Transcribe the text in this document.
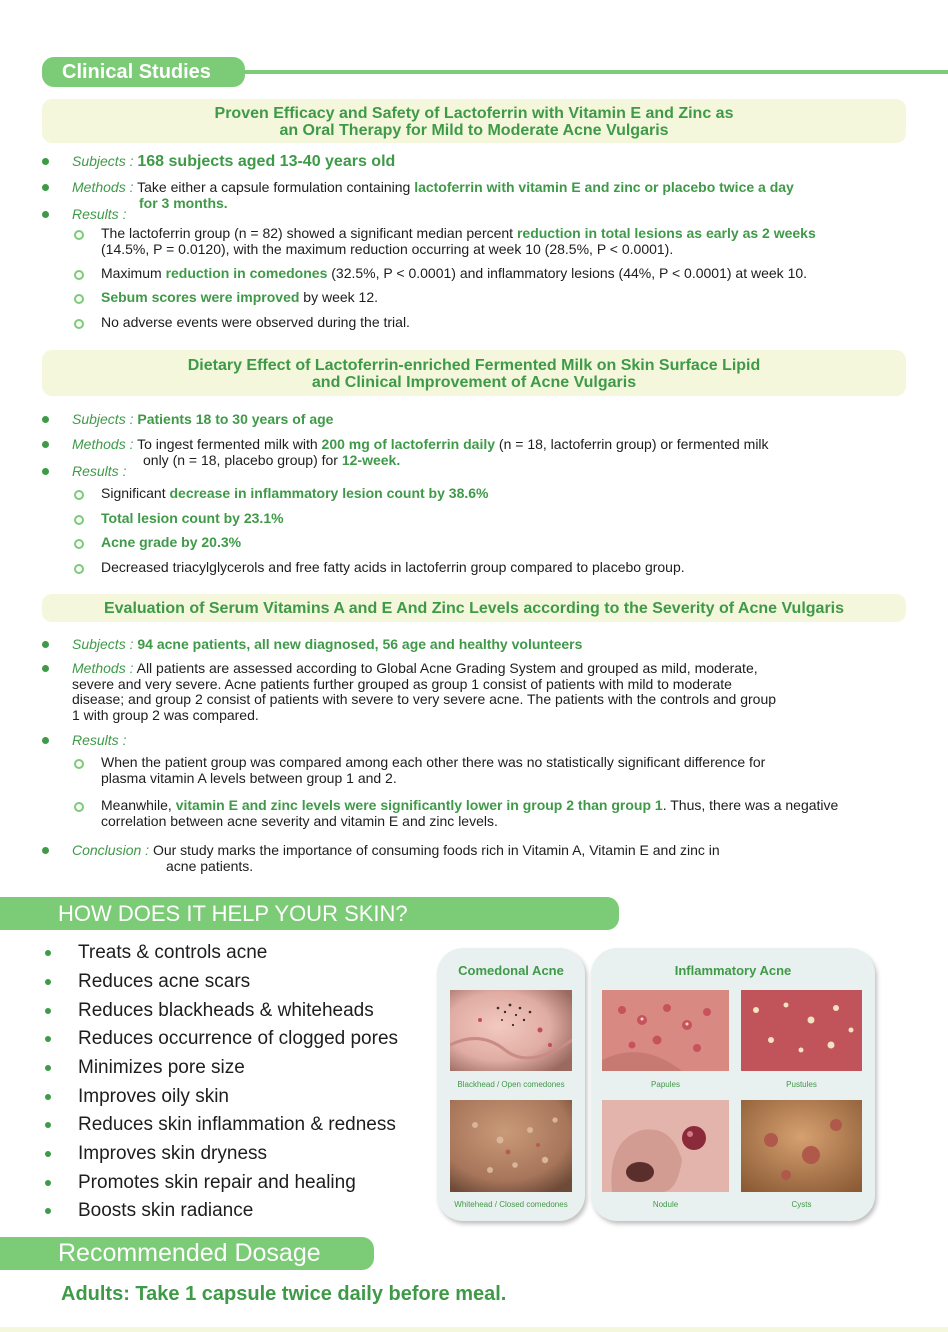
Clinical Studies
Proven Efficacy and Safety of Lactoferrin with Vitamin E and Zinc as
an Oral Therapy for Mild to Moderate Acne Vulgaris
Subjects : 168 subjects aged 13-40 years old
Methods : Take either a capsule formulation containing lactoferrin with vitamin E and zinc or placebo twice a day
for 3 months.
Results :
The lactoferrin group (n = 82) showed a significant median percent reduction in total lesions as early as 2 weeks
(14.5%, P = 0.0120), with the maximum reduction occurring at week 10 (28.5%, P < 0.0001).
Maximum reduction in comedones (32.5%, P < 0.0001) and inflammatory lesions (44%, P < 0.0001) at week 10.
Sebum scores were improved by week 12.
No adverse events were observed during the trial.
Dietary Effect of Lactoferrin-enriched Fermented Milk on Skin Surface Lipid
and Clinical Improvement of Acne Vulgaris
Subjects : Patients 18 to 30 years of age
Methods : To ingest fermented milk with 200 mg of lactoferrin daily (n = 18, lactoferrin group) or fermented milk
only (n = 18, placebo group) for 12-week.
Results :
Significant decrease in inflammatory lesion count by 38.6%
Total lesion count by 23.1%
Acne grade by 20.3%
Decreased triacylglycerols and free fatty acids in lactoferrin group compared to placebo group.
Evaluation of Serum Vitamins A and E And Zinc Levels according to the Severity of Acne Vulgaris
Subjects : 94 acne patients, all new diagnosed, 56 age and healthy volunteers
Methods : All patients are assessed according to Global Acne Grading System and grouped as mild, moderate,
severe and very severe. Acne patients further grouped as group 1 consist of patients with mild to moderate
disease; and group 2 consist of patients with severe to very severe acne. The patients with the controls and group
1 with group 2 was compared.
Results :
When the patient group was compared among each other there was no statistically significant difference for
plasma vitamin A levels between group 1 and 2.
Meanwhile, vitamin E and zinc levels were significantly lower in group 2 than group 1. Thus, there was a negative
correlation between acne severity and vitamin E and zinc levels.
Conclusion : Our study marks the importance of consuming foods rich in Vitamin A, Vitamin E and zinc in
acne patients.
HOW DOES IT HELP YOUR SKIN?
Treats & controls acne
Reduces acne scars
Reduces blackheads & whiteheads
Reduces occurrence of clogged pores
Minimizes pore size
Improves oily skin
Reduces skin inflammation & redness
Improves skin dryness
Promotes skin repair and healing
Boosts skin radiance
Comedonal Acne
Blackhead / Open comedones
Whitehead / Closed comedones
Inflammatory Acne
Papules	Pustules
Nodule	Cysts
Recommended Dosage
Adults: Take 1 capsule twice daily before meal.
